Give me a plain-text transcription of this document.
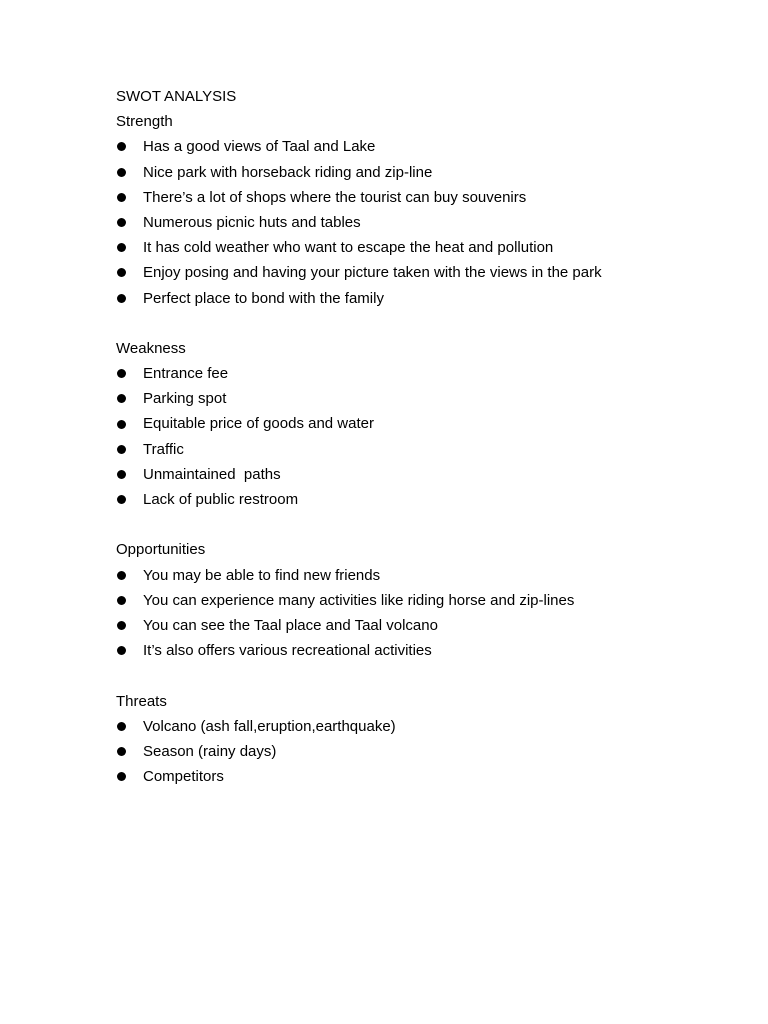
SWOT ANALYSIS
Strength
Has a good views of Taal and Lake
Nice park with horseback riding and zip-line
There’s a lot of shops where the tourist can buy souvenirs
Numerous picnic huts and tables
It has cold weather who want to escape the heat and pollution
Enjoy posing and having your picture taken with the views in the park
Perfect place to bond with the family
Weakness
Entrance fee
Parking spot
Equitable price of goods and water
Traffic
Unmaintained  paths
Lack of public restroom
Opportunities
You may be able to find new friends
You can experience many activities like riding horse and zip-lines
You can see the Taal place and Taal volcano
It’s also offers various recreational activities
Threats
Volcano (ash fall,eruption,earthquake)
Season (rainy days)
Competitors
